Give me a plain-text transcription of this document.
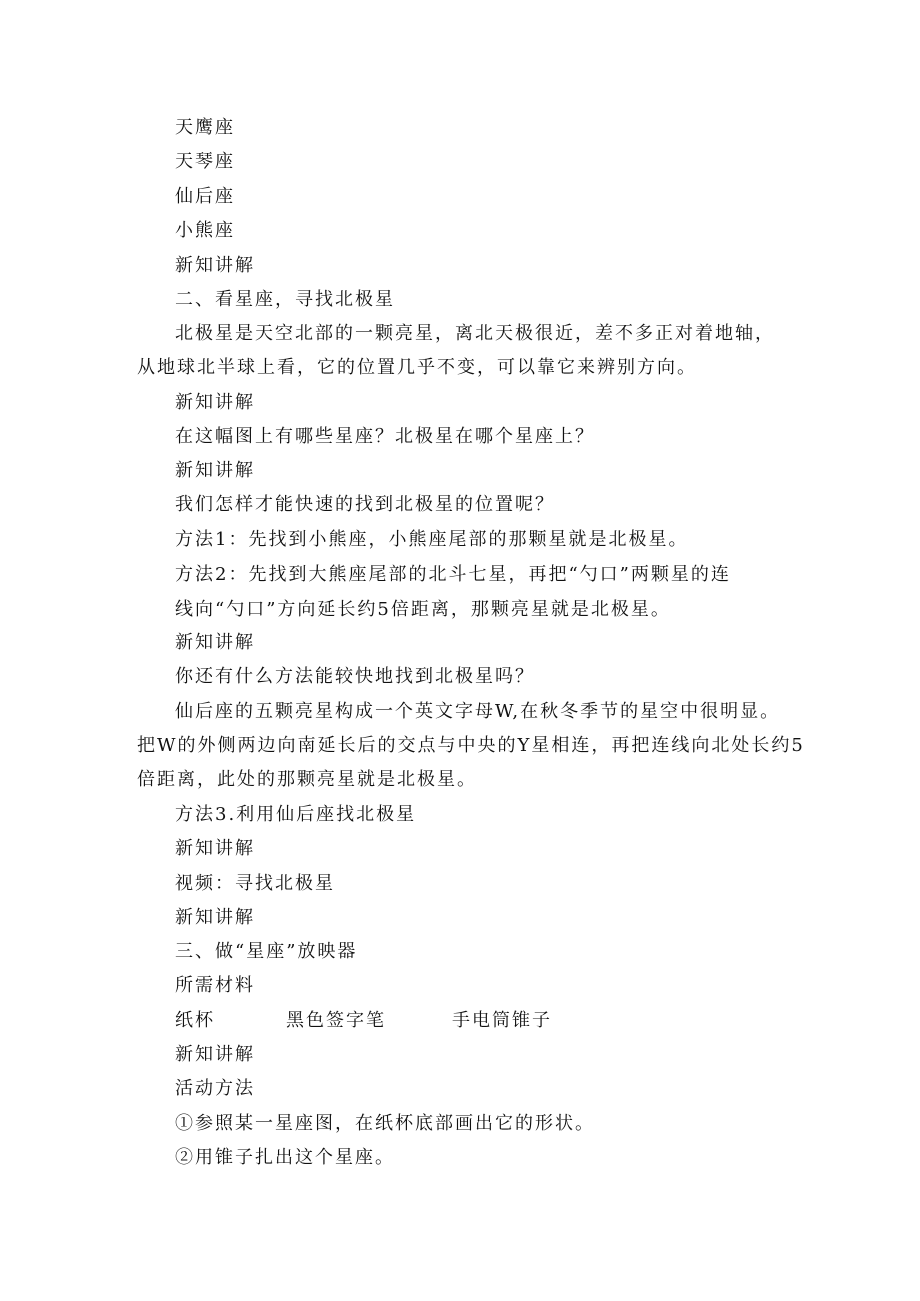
天鹰座
天琴座
仙后座
小熊座
新知讲解
二、看星座，寻找北极星
北极星是天空北部的一颗亮星，离北天极很近，差不多正对着地轴，
从地球北半球上看，它的位置几乎不变，可以靠它来辨别方向。
新知讲解
在这幅图上有哪些星座？北极星在哪个星座上？
新知讲解
我们怎样才能快速的找到北极星的位置呢？
方法1：先找到小熊座，小熊座尾部的那颗星就是北极星。
方法2：先找到大熊座尾部的北斗七星，再把“勺口”两颗星的连
线向“勺口”方向延长约5倍距离，那颗亮星就是北极星。
新知讲解
你还有什么方法能较快地找到北极星吗？
仙后座的五颗亮星构成一个英文字母W,在秋冬季节的星空中很明显。
把W的外侧两边向南延长后的交点与中央的Y星相连，再把连线向北处长约5
倍距离，此处的那颗亮星就是北极星。
方法3.利用仙后座找北极星
新知讲解
视频：寻找北极星
新知讲解
三、做“星座”放映器
所需材料
纸杯	黑色签字笔	手电筒锥子
新知讲解
活动方法
①参照某一星座图，在纸杯底部画出它的形状。
②用锥子扎出这个星座。
